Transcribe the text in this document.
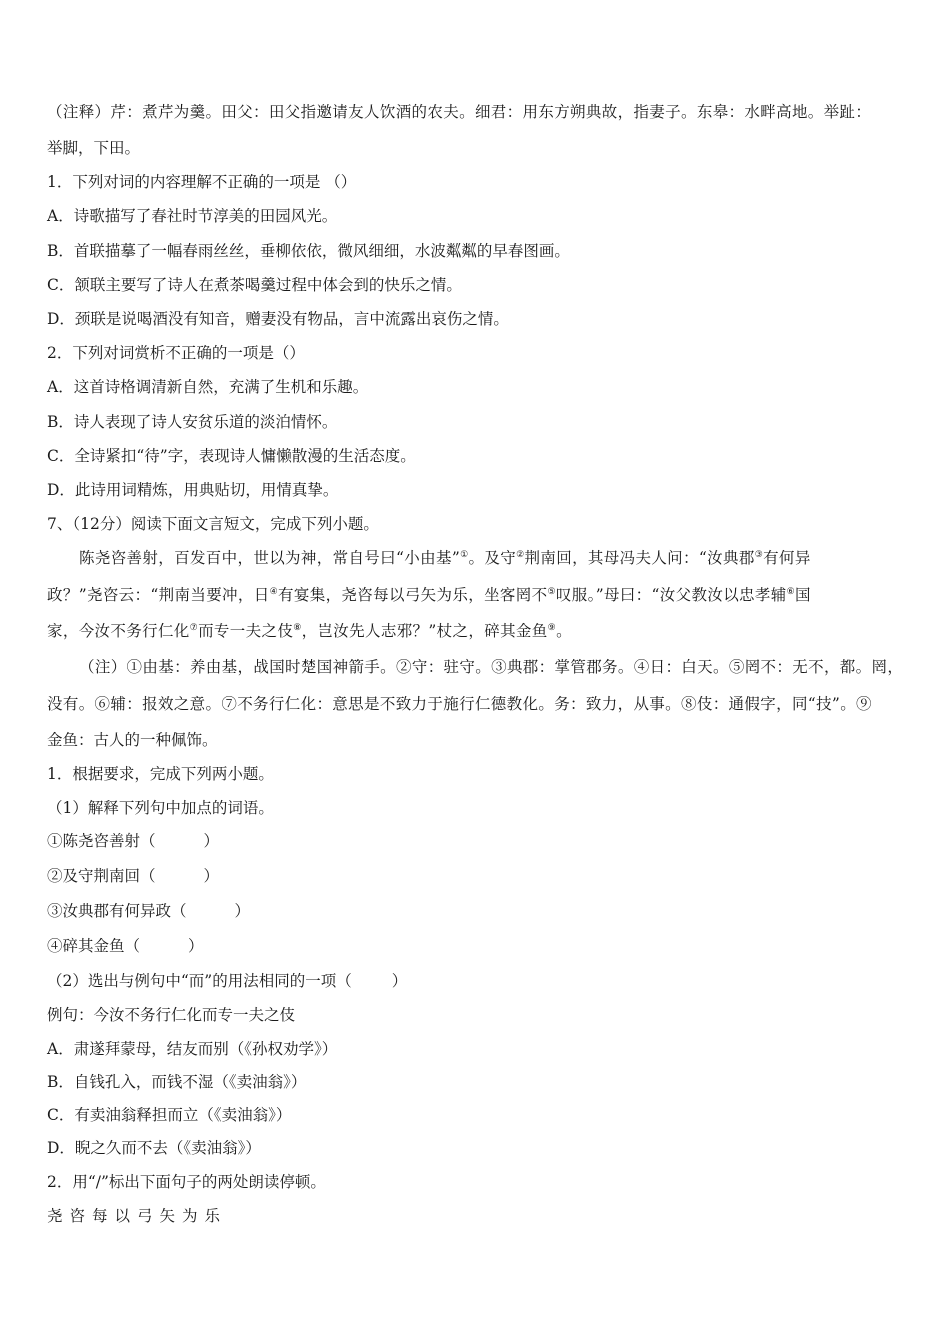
（注释）芹：煮芹为羹。田父：田父指邀请友人饮酒的农夫。细君：用东方朔典故，指妻子。东皋：水畔高地。举趾：
举脚，下田。
1．下列对词的内容理解不正确的一项是 （）
A．诗歌描写了春社时节淳美的田园风光。
B．首联描摹了一幅春雨丝丝，垂柳依依，微风细细，水波粼粼的早春图画。
C．颔联主要写了诗人在煮茶喝羹过程中体会到的快乐之情。
D．颈联是说喝酒没有知音，赠妻没有物品，言中流露出哀伤之情。
2．下列对词赏析不正确的一项是（）
A．这首诗格调清新自然，充满了生机和乐趣。
B．诗人表现了诗人安贫乐道的淡泊情怀。
C．全诗紧扣“待”字，表现诗人慵懒散漫的生活态度。
D．此诗用词精炼，用典贴切，用情真挚。
7、（12分）阅读下面文言短文，完成下列小题。
陈尧咨善射，百发百中，世以为神，常自号曰“小由基”①。及守②荆南回，其母冯夫人问：“汝典郡③有何异
政？”尧咨云：“荆南当要冲，日④有宴集，尧咨每以弓矢为乐，坐客罔不⑤叹服。”母曰：“汝父教汝以忠孝辅⑥国
家，今汝不务行仁化⑦而专一夫之伎⑧，岂汝先人志邪？”杖之，碎其金鱼⑨。
（注）①由基：养由基，战国时楚国神箭手。②守：驻守。③典郡：掌管郡务。④日：白天。⑤罔不：无不，都。罔，
没有。⑥辅：报效之意。⑦不务行仁化：意思是不致力于施行仁德教化。务：致力，从事。⑧伎：通假字，同“技”。⑨
金鱼：古人的一种佩饰。
1．根据要求，完成下列两小题。
（1）解释下列句中加点的词语。
①陈尧咨善射（	）
②及守荆南回（	）
③汝典郡有何异政（	）
④碎其金鱼（	）
（2）选出与例句中“而”的用法相同的一项（	）
例句：今汝不务行仁化而专一夫之伎
A．肃遂拜蒙母，结友而别（《孙权劝学》）
B．自钱孔入，而钱不湿（《卖油翁》）
C．有卖油翁释担而立（《卖油翁》）
D．睨之久而不去（《卖油翁》）
2．用“/”标出下面句子的两处朗读停顿。
尧咨每以弓矢为乐
